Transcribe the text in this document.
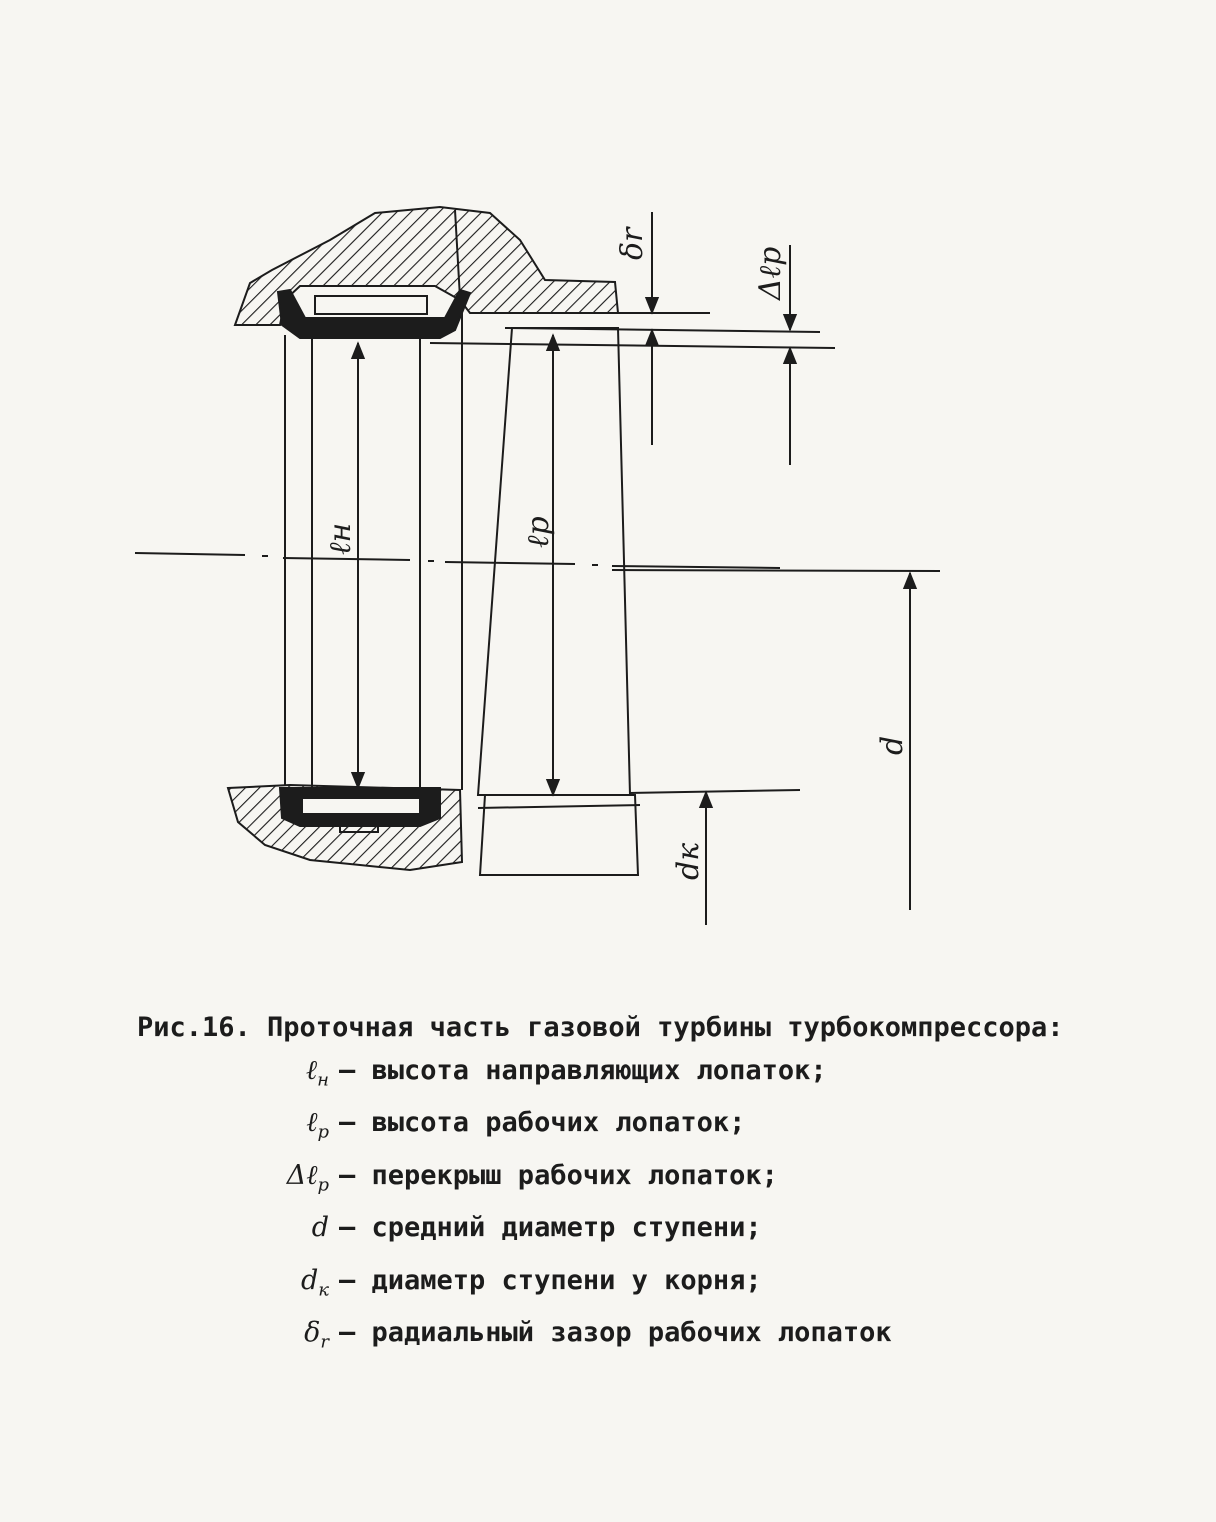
ℓн	ℓр
δr
Δℓр
d
dк
Рис.16. Проточная часть газовой турбины турбокомпрессора:
ℓ$_н$ – высота направляющих лопаток;
ℓ$_р$ – высота рабочих лопаток;
Δℓ$_р$ – перекрыш рабочих лопаток;
d – средний диаметр ступени;
$d_к$ – диаметр ступени у корня;
$\delta_r$ – радиальный зазор рабочих лопаток
